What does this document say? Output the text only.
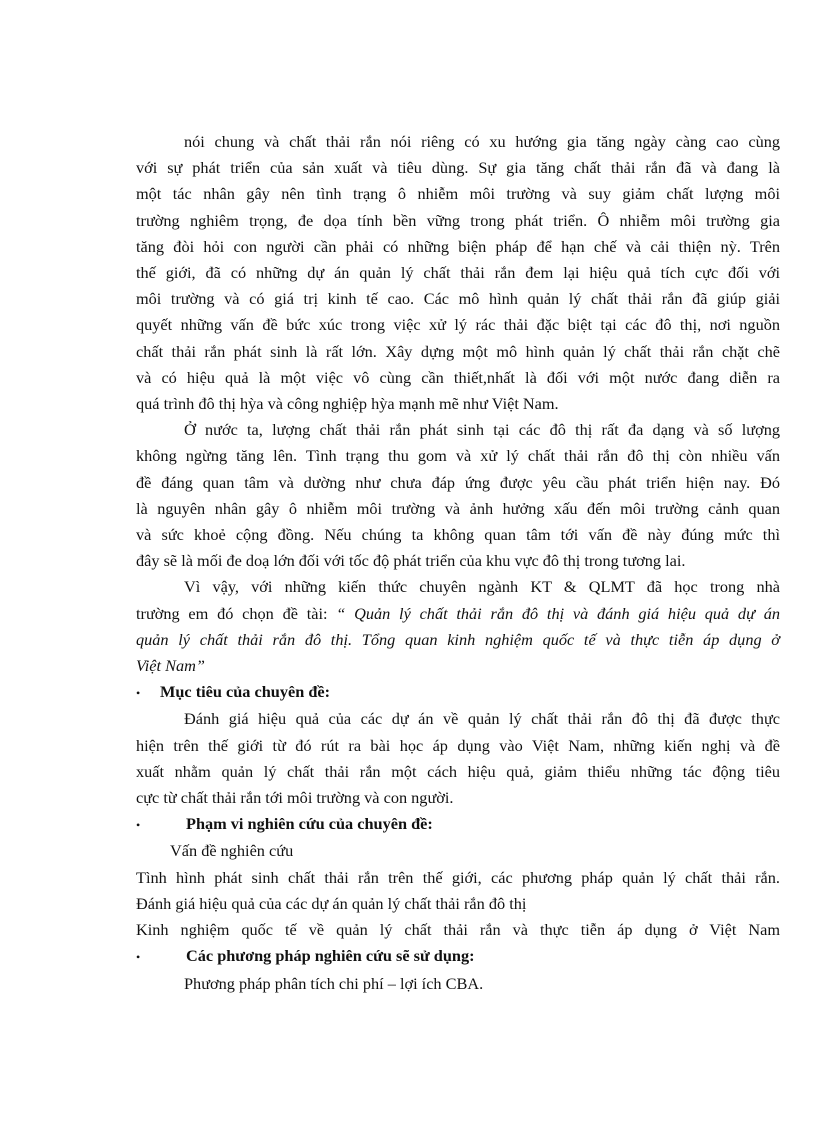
nói chung và chất thải rắn nói riêng có xu hướng gia tăng ngày càng cao cùng

với sự phát triển của sản xuất và tiêu dùng. Sự gia tăng chất thải rắn đã và đang là

một tác nhân gây nên tình trạng ô nhiễm môi trường và suy giảm chất lượng môi

trường nghiêm trọng, đe dọa tính bền vững trong phát triển. Ô nhiễm môi trường gia

tăng đòi hỏi con người cần phải có những biện pháp để hạn chế và cải thiện nỳ. Trên

thế giới, đã có những dự án quản lý chất thải rắn đem lại hiệu quả tích cực đối với

môi trường và có giá trị kinh tế cao. Các mô hình quản lý chất thải rắn đã giúp giải

quyết những vấn đề bức xúc trong việc xử lý rác thải đặc biệt tại các đô thị, nơi nguồn

chất thải rắn phát sinh là rất lớn. Xây dựng một mô hình quản lý chất thải rắn chặt chẽ

và có hiệu quả là một việc vô cùng cần thiết,nhất là đối với một nước đang diễn ra

quá trình đô thị hỳa và công nghiệp hỳa mạnh mẽ như Việt Nam.

Ở nước ta, lượng chất thải rắn phát sinh tại các đô thị rất đa dạng và số lượng

không ngừng tăng lên. Tình trạng thu gom và xử lý chất thải rắn đô thị còn nhiều vấn

đề đáng quan tâm và dường như chưa đáp ứng được yêu cầu phát triển hiện nay. Đó

là nguyên nhân gây ô nhiễm môi trường và ảnh hưởng xấu đến môi trường cảnh quan

và sức khoẻ cộng đồng. Nếu chúng ta không quan tâm tới vấn đề này đúng mức thì

đây sẽ là mối đe doạ lớn đối với tốc độ phát triển của khu vực đô thị trong tương lai.

Vì vậy, với những kiến thức chuyên ngành KT & QLMT đã học trong nhà

trường em đó chọn đề tài: “ Quản lý chất thải rắn đô thị và đánh giá hiệu quả dự án

quản lý chất thải rắn đô thị. Tổng quan kinh nghiệm quốc tế và thực tiễn áp dụng ở

Việt Nam”

•	Mục tiêu của chuyên đề:

Đánh giá hiệu quả của các dự án về quản lý chất thải rắn đô thị đã được thực

hiện trên thế giới từ đó rút ra bài học áp dụng vào Việt Nam, những kiến nghị và đề

xuất nhằm quản lý chất thải rắn một cách hiệu quả, giảm thiểu những tác động tiêu

cực từ chất thải rắn tới môi trường và con người.

•	Phạm vi nghiên cứu của chuyên đề:

Vấn đề nghiên cứu

Tình hình phát sinh chất thải rắn trên thế giới, các phương pháp quản lý chất thải rắn.

Đánh giá hiệu quả của các dự án quản lý chất thải rắn đô thị

Kinh nghiệm quốc tế về quản lý chất thải rắn và thực tiễn áp dụng ở Việt Nam

•	Các phương pháp nghiên cứu sẽ sử dụng:

Phương pháp phân tích chi phí – lợi ích CBA.
